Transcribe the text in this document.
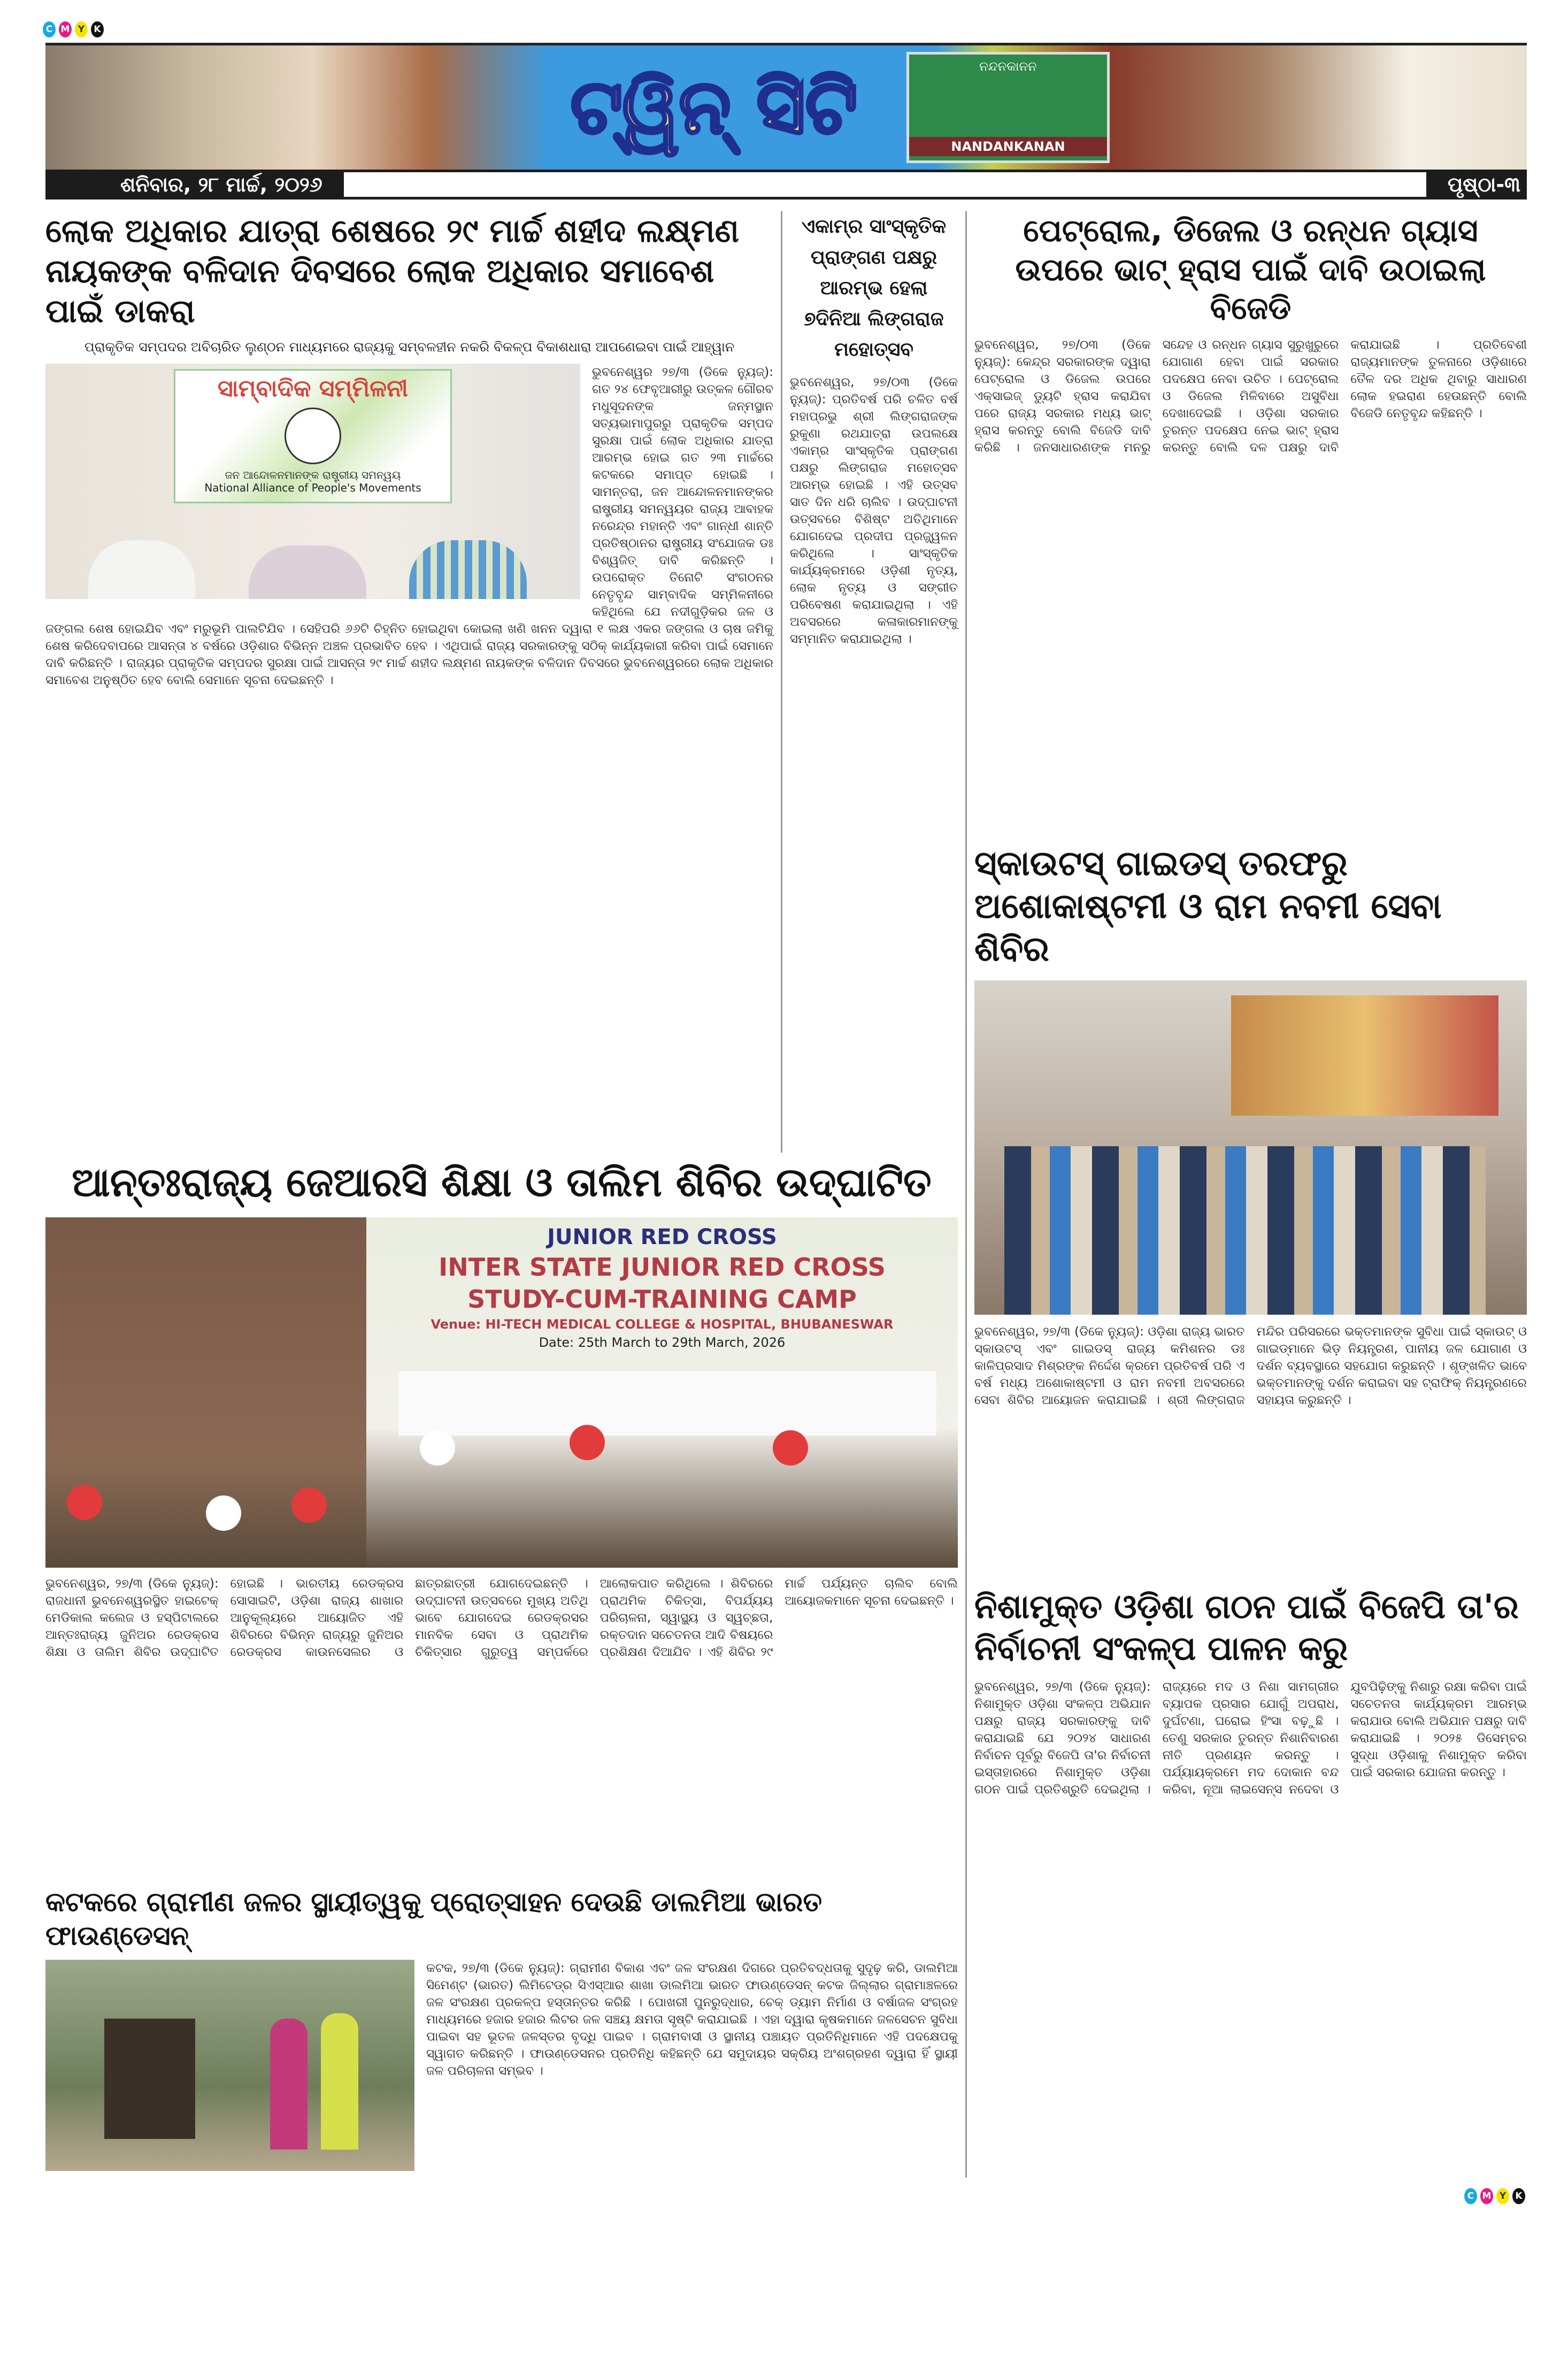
C M Y	K
ଟ୍ୱିନ୍ ସିଟି	ନନ୍ଦନକାନନ
NANDANKANAN
ଶନିବାର, ୨୮ ମାର୍ଚ୍ଚ, ୨୦୨୬	ପୃଷ୍ଠା-୩
ଲୋକ ଅଧିକାର ଯାତ୍ରା ଶେଷରେ ୨୯ ମାର୍ଚ୍ଚ ଶହୀଦ ଲକ୍ଷ୍ମଣ ନାୟକଙ୍କ ବଳିଦାନ ଦିବସରେ ଲୋକ ଅଧିକାର ସମାବେଶ ପାଇଁ ଡାକରା
ପ୍ରାକୃତିକ ସମ୍ପଦର ଅବିଚାରିତ ଲୁଣ୍ଠନ ମାଧ୍ୟମରେ ରାଜ୍ୟକୁ ସମ୍ବଳହୀନ ନକରି ବିକଳ୍ପ ବିକାଶଧାରା ଆପଣେଇବା ପାଇଁ ଆହ୍ୱାନ
ସାମ୍ବାଦିକ ସମ୍ମିଳନୀ
ଜନ ଆନ୍ଦୋଳନମାନଙ୍କ ରାଷ୍ଟ୍ରୀୟ ସମନ୍ୱୟ
National Alliance of People's Movements

ଭୁବନେଶ୍ୱର ୨୭/୩ (ଡିକେ ନ୍ୟୁଜ୍): ଗତ ୨୪ ଫେବୃଆରୀରୁ ଉତ୍କଳ ଗୌରବ ମଧୁସୂଦନଙ୍କ ଜନ୍ମସ୍ଥାନ ସତ୍ୟଭାମାପୁରରୁ ପ୍ରାକୃତିକ ସମ୍ପଦ ସୁରକ୍ଷା ପାଇଁ ଲୋକ ଅଧିକାର ଯାତ୍ରା ଆରମ୍ଭ ହୋଇ ଗତ ୨୩ ମାର୍ଚ୍ଚରେ କଟକରେ ସମାପ୍ତ ହୋଇଛି । ସାମନ୍ତରା, ଜନ ଆନ୍ଦୋଳନମାନଙ୍କର ରାଷ୍ଟ୍ରୀୟ ସମନ୍ୱୟର ରାଜ୍ୟ ଆବାହକ ନରେନ୍ଦ୍ର ମହାନ୍ତି ଏବଂ ଗାନ୍ଧୀ ଶାନ୍ତି ପ୍ରତିଷ୍ଠାନର ରାଷ୍ଟ୍ରୀୟ ସଂଯୋଜକ ଡଃ ବିଶ୍ୱଜିତ୍ ଦାବି କରିଛନ୍ତି । ଉପରୋକ୍ତ ତିନୋଟି ସଂଗଠନର ନେତୃବୃନ୍ଦ ସାମ୍ବାଦିକ ସମ୍ମିଳନୀରେ କହିଥିଲେ ଯେ ନଦୀଗୁଡ଼ିକର ଜଳ ଓ ଜଙ୍ଗଲ ଶେଷ ହୋଇଯିବ ଏବଂ ମରୁଭୂମି ପାଲଟିଯିବ । ସେହିପରି ୬୬ଟି ଚିହ୍ନିତ ହୋଇଥିବା କୋଇଲା ଖଣି ଖନନ ଦ୍ୱାରା ୧ ଲକ୍ଷ ଏକର ଜଙ୍ଗଲ ଓ ଚାଷ ଜମିକୁ ଶେଷ କରିଦେବାପରେ ଆସନ୍ତା ୪ ବର୍ଷରେ ଓଡ଼ିଶାର ବିଭିନ୍ନ ଅଞ୍ଚଳ ପ୍ରଭାବିତ ହେବ । ଏଥିପାଇଁ ରାଜ୍ୟ ସରକାରଙ୍କୁ ସଠିକ୍ କାର୍ଯ୍ୟକାରୀ କରିବା ପାଇଁ ସେମାନେ ଦାବି କରିଛନ୍ତି । ରାଜ୍ୟର ପ୍ରାକୃତିକ ସମ୍ପଦର ସୁରକ୍ଷା ପାଇଁ ଆସନ୍ତା ୨୯ ମାର୍ଚ୍ଚ ଶହୀଦ ଲକ୍ଷ୍ମଣ ନାୟକଙ୍କ ବଳିଦାନ ଦିବସରେ ଭୁବନେଶ୍ୱରରେ ଲୋକ ଅଧିକାର ସମାବେଶ ଅନୁଷ୍ଠିତ ହେବ ବୋଲି ସେମାନେ ସୂଚନା ଦେଇଛନ୍ତି ।

ଏକାମ୍ର ସାଂସ୍କୃତିକ ପ୍ରାଙ୍ଗଣ ପକ୍ଷରୁ ଆରମ୍ଭ ହେଲା ୭ଦିନିଆ ଲିଙ୍ଗରାଜ ମହୋତ୍ସବ

ଭୁବନେଶ୍ୱର, ୨୭/୦୩ (ଡିକେ ନ୍ୟୁଜ୍): ପ୍ରତିବର୍ଷ ପରି ଚଳିତ ବର୍ଷ ମହାପ୍ରଭୁ ଶ୍ରୀ ଲିଙ୍ଗରାଜଙ୍କ ରୁକୁଣା ରଥଯାତ୍ରା ଉପଲକ୍ଷେ ଏକାମ୍ର ସାଂସ୍କୃତିକ ପ୍ରାଙ୍ଗଣ ପକ୍ଷରୁ ଲିଙ୍ଗରାଜ ମହୋତ୍ସବ ଆରମ୍ଭ ହୋଇଛି । ଏହି ଉତ୍ସବ ସାତ ଦିନ ଧରି ଚାଲିବ । ଉଦ୍‌ଘାଟନୀ ଉତ୍ସବରେ ବିଶିଷ୍ଟ ଅତିଥିମାନେ ଯୋଗଦେଇ ପ୍ରଦୀପ ପ୍ରଜ୍ଜ୍ୱଳନ କରିଥିଲେ । ସାଂସ୍କୃତିକ କାର୍ଯ୍ୟକ୍ରମରେ ଓଡ଼ିଶୀ ନୃତ୍ୟ, ଲୋକ ନୃତ୍ୟ ଓ ସଙ୍ଗୀତ ପରିବେଷଣ କରାଯାଇଥିଲା । ଏହି ଅବସରରେ କଳାକାରମାନଙ୍କୁ ସମ୍ମାନିତ କରାଯାଇଥିଲା ।

ଆନ୍ତଃରାଜ୍ୟ ଜେଆରସି ଶିକ୍ଷା ଓ ତାଲିମ ଶିବିର ଉଦ୍‌ଘାଟିତ
JUNIOR RED CROSS
INTER STATE JUNIOR RED CROSS
STUDY-CUM-TRAINING CAMP
Venue: HI-TECH MEDICAL COLLEGE & HOSPITAL, BHUBANESWAR
Date: 25th March to 29th March, 2026

ଭୁବନେଶ୍ୱର, ୨୭/୩ (ଡିକେ ନ୍ୟୁଜ୍): ରାଜଧାନୀ ଭୁବନେଶ୍ୱରସ୍ଥିତ ହାଇଟେକ୍ ମେଡିକାଲ କଲେଜ ଓ ହସ୍ପିଟାଲରେ ଆନ୍ତଃରାଜ୍ୟ ଜୁନିଅର ରେଡକ୍ରସ ଶିକ୍ଷା ଓ ତାଲିମ ଶିବିର ଉଦ୍‌ଘାଟିତ ହୋଇଛି । ଭାରତୀୟ ରେଡକ୍ରସ ସୋସାଇଟି, ଓଡ଼ିଶା ରାଜ୍ୟ ଶାଖାର ଆନୁକୂଲ୍ୟରେ ଆୟୋଜିତ ଏହି ଶିବିରରେ ବିଭିନ୍ନ ରାଜ୍ୟରୁ ଜୁନିଅର ରେଡକ୍ରସ କାଉନସେଲର ଓ ଛାତ୍ରଛାତ୍ରୀ ଯୋଗଦେଇଛନ୍ତି । ଉଦ୍‌ଘାଟନୀ ଉତ୍ସବରେ ମୁଖ୍ୟ ଅତିଥି ଭାବେ ଯୋଗଦେଇ ରେଡକ୍ରସର ମାନବିକ ସେବା ଓ ପ୍ରାଥମିକ ଚିକିତ୍ସାର ଗୁରୁତ୍ୱ ସମ୍ପର୍କରେ ଆଲୋକପାତ କରିଥିଲେ । ଶିବିରରେ ପ୍ରାଥମିକ ଚିକିତ୍ସା, ବିପର୍ଯ୍ୟୟ ପରିଚାଳନା, ସ୍ୱାସ୍ଥ୍ୟ ଓ ସ୍ୱଚ୍ଛତା, ରକ୍ତଦାନ ସଚେତନତା ଆଦି ବିଷୟରେ ପ୍ରଶିକ୍ଷଣ ଦିଆଯିବ । ଏହି ଶିବିର ୨୯ ମାର୍ଚ୍ଚ ପର୍ଯ୍ୟନ୍ତ ଚାଲିବ ବୋଲି ଆୟୋଜକମାନେ ସୂଚନା ଦେଇଛନ୍ତି ।

କଟକରେ ଗ୍ରାମୀଣ ଜଳର ସ୍ଥାୟୀତ୍ୱକୁ ପ୍ରୋତ୍ସାହନ ଦେଉଛି ଡାଲମିଆ ଭାରତ ଫାଉଣ୍ଡେସନ୍

କଟକ, ୨୭/୩ (ଡିକେ ନ୍ୟୁଜ୍): ଗ୍ରାମୀଣ ବିକାଶ ଏବଂ ଜଳ ସଂରକ୍ଷଣ ଦିଗରେ ପ୍ରତିବଦ୍ଧତାକୁ ସୁଦୃଢ଼ କରି, ଡାଲମିଆ ସିମେଣ୍ଟ (ଭାରତ) ଲିମିଟେଡ୍‌ର ସିଏସ୍‌ଆର ଶାଖା ଡାଲମିଆ ଭାରତ ଫାଉଣ୍ଡେସନ୍ କଟକ ଜିଲ୍ଲାର ଗ୍ରାମାଞ୍ଚଳରେ ଜଳ ସଂରକ୍ଷଣ ପ୍ରକଳ୍ପ ହସ୍ତାନ୍ତର କରିଛି । ପୋଖରୀ ପୁନରୁଦ୍ଧାର, ଚେକ୍ ଡ୍ୟାମ ନିର୍ମାଣ ଓ ବର୍ଷାଜଳ ସଂଗ୍ରହ ମାଧ୍ୟମରେ ହଜାର ହଜାର ଲିଟର ଜଳ ସଞ୍ଚୟ କ୍ଷମତା ସୃଷ୍ଟି କରାଯାଇଛି । ଏହା ଦ୍ୱାରା କୃଷକମାନେ ଜଳସେଚନ ସୁବିଧା ପାଇବା ସହ ଭୂତଳ ଜଳସ୍ତର ବୃଦ୍ଧି ପାଇବ । ଗ୍ରାମବାସୀ ଓ ସ୍ଥାନୀୟ ପଞ୍ଚାୟତ ପ୍ରତିନିଧିମାନେ ଏହି ପଦକ୍ଷେପକୁ ସ୍ୱାଗତ କରିଛନ୍ତି । ଫାଉଣ୍ଡେସନର ପ୍ରତିନିଧି କହିଛନ୍ତି ଯେ ସମୁଦାୟର ସକ୍ରିୟ ଅଂଶଗ୍ରହଣ ଦ୍ୱାରା ହିଁ ସ୍ଥାୟୀ ଜଳ ପରିଚାଳନା ସମ୍ଭବ ।

ପେଟ୍ରୋଲ, ଡିଜେଲ ଓ ରନ୍ଧନ ଗ୍ୟାସ ଉପରେ ଭାଟ୍ ହ୍ରାସ ପାଇଁ ଦାବି ଉଠାଇଲା ବିଜେଡି

ଭୁବନେଶ୍ୱର, ୨୭/୦୩ (ଡିକେ ନ୍ୟୁଜ୍): କେନ୍ଦ୍ର ସରକାରଙ୍କ ଦ୍ୱାରା ପେଟ୍ରୋଲ ଓ ଡିଜେଲ ଉପରେ ଏକ୍ସାଇଜ୍ ଡ୍ୟୁଟି ହ୍ରାସ କରାଯିବା ପରେ ରାଜ୍ୟ ସରକାର ମଧ୍ୟ ଭାଟ୍ ହ୍ରାସ କରନ୍ତୁ ବୋଲି ବିଜେଡି ଦାବି କରିଛି । ଜନସାଧାରଣଙ୍କ ମନରୁ ସନ୍ଦେହ ଓ ରନ୍ଧନ ଗ୍ୟାସ ସୁରୁଖୁରୁରେ ଯୋଗାଣ ହେବା ପାଇଁ ସରକାର ପଦକ୍ଷେପ ନେବା ଉଚିତ । ପେଟ୍ରୋଲ ଓ ଡିଜେଲ ମିଳିବାରେ ଅସୁବିଧା ଦେଖାଦେଇଛି । ଓଡ଼ିଶା ସରକାର ତୁରନ୍ତ ପଦକ୍ଷେପ ନେଇ ଭାଟ୍ ହ୍ରାସ କରନ୍ତୁ ବୋଲି ଦଳ ପକ୍ଷରୁ ଦାବି କରାଯାଇଛି । ପ୍ରତିବେଶୀ ରାଜ୍ୟମାନଙ୍କ ତୁଳନାରେ ଓଡ଼ିଶାରେ ତୈଳ ଦର ଅଧିକ ଥିବାରୁ ସାଧାରଣ ଲୋକ ହଇରାଣ ହେଉଛନ୍ତି ବୋଲି ବିଜେଡି ନେତୃବୃନ୍ଦ କହିଛନ୍ତି ।

ସ୍କାଉଟସ୍ ଗାଇଡସ୍ ତରଫରୁ ଅଶୋକାଷ୍ଟମୀ ଓ ରାମ ନବମୀ ସେବା ଶିବିର

ଭୁବନେଶ୍ୱର, ୨୭/୩ (ଡିକେ ନ୍ୟୁଜ୍): ଓଡ଼ିଶା ରାଜ୍ୟ ଭାରତ ସ୍କାଉଟସ୍ ଏବଂ ଗାଇଡସ୍ ରାଜ୍ୟ କମିଶନର ଡଃ କାଳିପ୍ରସାଦ ମିଶ୍ରଙ୍କ ନିର୍ଦ୍ଦେଶ କ୍ରମେ ପ୍ରତିବର୍ଷ ପରି ଏ ବର୍ଷ ମଧ୍ୟ ଅଶୋକାଷ୍ଟମୀ ଓ ରାମ ନବମୀ ଅବସରରେ ସେବା ଶିବିର ଆୟୋଜନ କରାଯାଇଛି । ଶ୍ରୀ ଲିଙ୍ଗରାଜ ମନ୍ଦିର ପରିସରରେ ଭକ୍ତମାନଙ୍କ ସୁବିଧା ପାଇଁ ସ୍କାଉଟ୍ ଓ ଗାଇଡ୍‌ମାନେ ଭିଡ଼ ନିୟନ୍ତ୍ରଣ, ପାନୀୟ ଜଳ ଯୋଗାଣ ଓ ଦର୍ଶନ ବ୍ୟବସ୍ଥାରେ ସହଯୋଗ କରୁଛନ୍ତି । ଶୃଙ୍ଖଳିତ ଭାବେ ଭକ୍ତମାନଙ୍କୁ ଦର୍ଶନ କରାଇବା ସହ ଟ୍ରାଫିକ୍ ନିୟନ୍ତ୍ରଣରେ ସହାୟତା କରୁଛନ୍ତି ।

ନିଶାମୁକ୍ତ ଓଡ଼ିଶା ଗଠନ ପାଇଁ ବିଜେପି ତା'ର ନିର୍ବାଚନୀ ସଂକଳ୍ପ ପାଳନ କରୁ

ଭୁବନେଶ୍ୱର, ୨୭/୩ (ଡିକେ ନ୍ୟୁଜ୍): ନିଶାମୁକ୍ତ ଓଡ଼ିଶା ସଂକଳ୍ପ ଅଭିଯାନ ପକ୍ଷରୁ ରାଜ୍ୟ ସରକାରଙ୍କୁ ଦାବି କରାଯାଇଛି ଯେ ୨୦୨୪ ସାଧାରଣ ନିର୍ବାଚନ ପୂର୍ବରୁ ବିଜେପି ତା'ର ନିର୍ବାଚନୀ ଇସ୍ତାହାରରେ ନିଶାମୁକ୍ତ ଓଡ଼ିଶା ଗଠନ ପାଇଁ ପ୍ରତିଶ୍ରୁତି ଦେଇଥିଲା । ରାଜ୍ୟରେ ମଦ ଓ ନିଶା ସାମଗ୍ରୀର ବ୍ୟାପକ ପ୍ରସାର ଯୋଗୁଁ ଅପରାଧ, ଦୁର୍ଘଟଣା, ଘରୋଇ ହିଂସା ବଢ଼ୁଛି । ତେଣୁ ସରକାର ତୁରନ୍ତ ନିଶାନିବାରଣ ନୀତି ପ୍ରଣୟନ କରନ୍ତୁ । ପର୍ଯ୍ୟାୟକ୍ରମେ ମଦ ଦୋକାନ ବନ୍ଦ କରିବା, ନୂଆ ଲାଇସେନ୍ସ ନଦେବା ଓ ଯୁବପିଢ଼ିଙ୍କୁ ନିଶାରୁ ରକ୍ଷା କରିବା ପାଇଁ ସଚେତନତା କାର୍ଯ୍ୟକ୍ରମ ଆରମ୍ଭ କରାଯାଉ ବୋଲି ଅଭିଯାନ ପକ୍ଷରୁ ଦାବି କରାଯାଇଛି । ୨୦୨୫ ଡିସେମ୍ବର ସୁଦ୍ଧା ଓଡ଼ିଶାକୁ ନିଶାମୁକ୍ତ କରିବା ପାଇଁ ସରକାର ଯୋଜନା କରନ୍ତୁ ।

C M Y	K
